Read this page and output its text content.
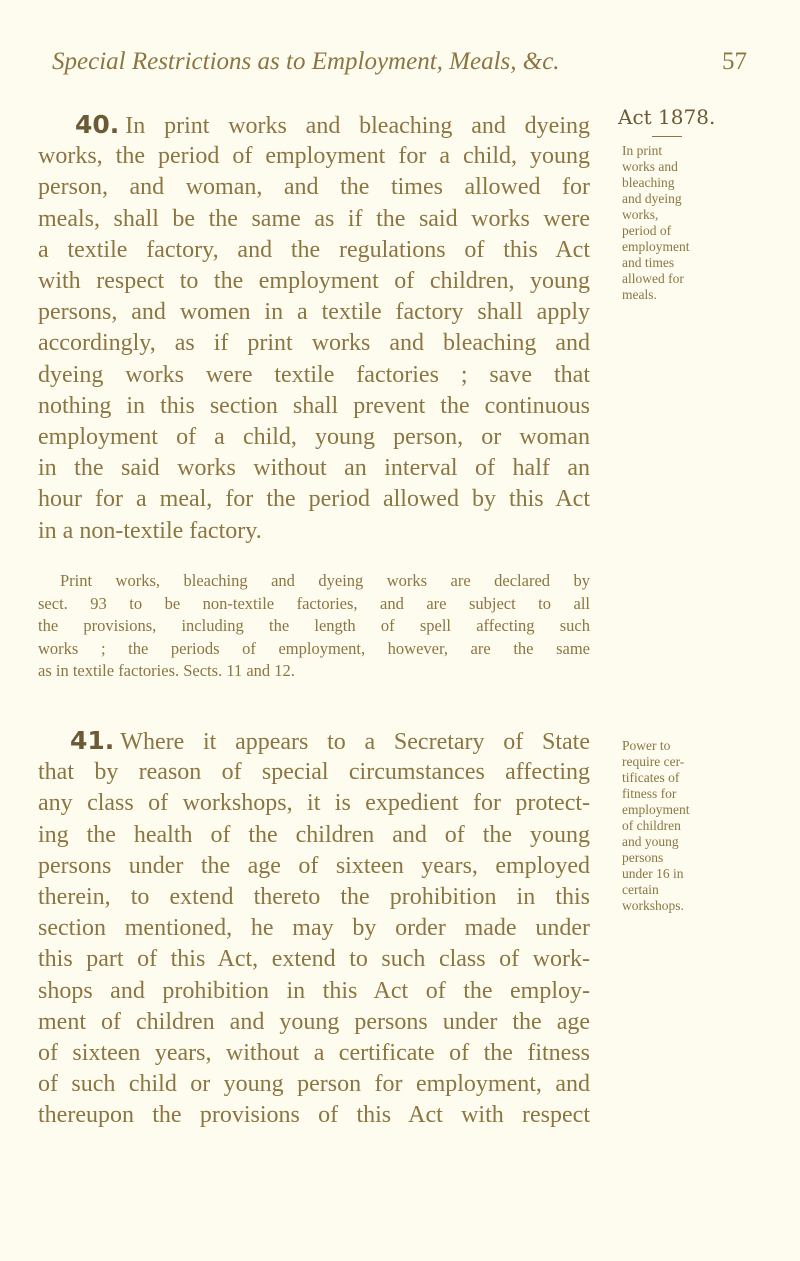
Special Restrictions as to Employment, Meals, &c.	57
Act 1878.
40. In print works and bleaching and dyeing
works, the period of employment for a child, young
person, and woman, and the times allowed for
meals, shall be the same as if the said works were
a textile factory, and the regulations of this Act
with respect to the employment of children, young
persons, and women in a textile factory shall apply
accordingly, as if print works and bleaching and
dyeing works were textile factories ; save that
nothing in this section shall prevent the continuous
employment of a child, young person, or woman
in the said works without an interval of half an
hour for a meal, for the period allowed by this Act
in a non-textile factory.
Print works, bleaching and dyeing works are declared by
sect. 93 to be non-textile factories, and are subject to all
the provisions, including the length of spell affecting such
works ; the periods of employment, however, are the same
as in textile factories. Sects. 11 and 12.
In print
works and
bleaching
and dyeing
works,
period of
employment
and times
allowed for
meals.
41. Where it appears to a Secretary of State
that by reason of special circumstances affecting
any class of workshops, it is expedient for protect-
ing the health of the children and of the young
persons under the age of sixteen years, employed
therein, to extend thereto the prohibition in this
section mentioned, he may by order made under
this part of this Act, extend to such class of work-
shops and prohibition in this Act of the employ-
ment of children and young persons under the age
of sixteen years, without a certificate of the fitness
of such child or young person for employment, and
thereupon the provisions of this Act with respect
Power to
require cer-
tificates of
fitness for
employment
of children
and young
persons
under 16 in
certain
workshops.
